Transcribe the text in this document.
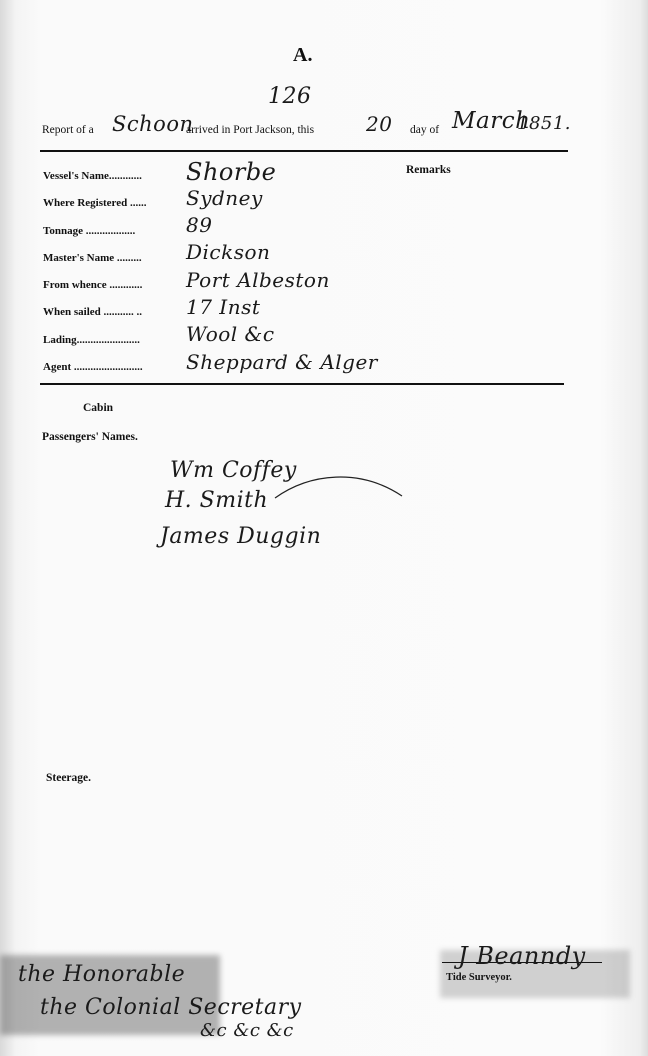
A.
126
Report of a Schoon
arrived in Port Jackson, this	20 day of March
1851.
Remarks
Vessel's Name............ Shorbe
Where Registered ...... Sydney
Tonnage ..................	89
Master's Name ......... Dickson
From whence ............ Port Albeston
When sailed ........... .. 17 Inst
Lading....................... Wool &c
Agent ......................... Sheppard & Alger
Cabin
Passengers' Names.
Wm Coffey
H. Smith
James Duggin
Steerage.
Tide Surveyor.
J Beanndy
the Honorable
the Colonial Secretary
&c &c &c
